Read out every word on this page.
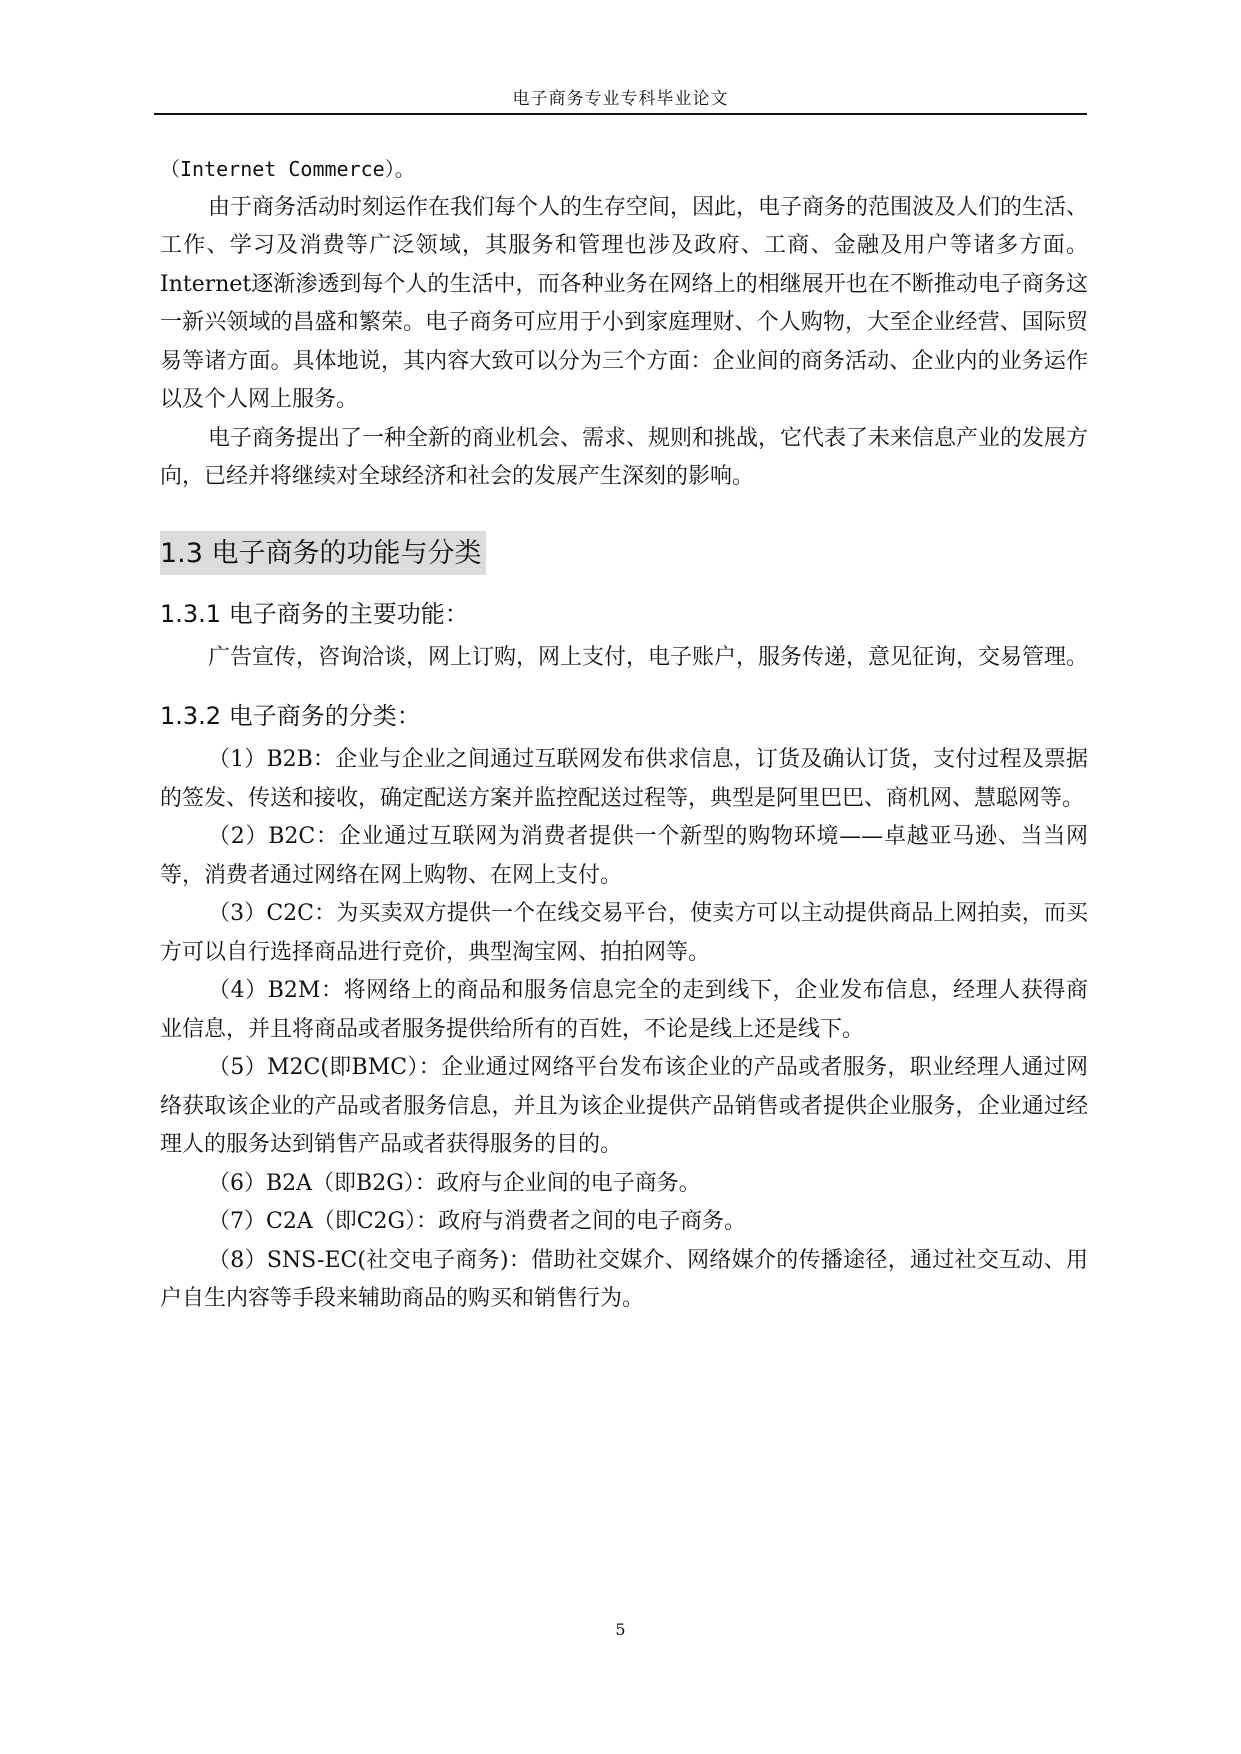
电子商务专业专科毕业论文

（Internet Commerce）。

由于商务活动时刻运作在我们每个人的生存空间，因此，电子商务的范围波及人们的生活、工作、学习及消费等广泛领域，其服务和管理也涉及政府、工商、金融及用户等诸多方面。Internet逐渐渗透到每个人的生活中，而各种业务在网络上的相继展开也在不断推动电子商务这一新兴领域的昌盛和繁荣。电子商务可应用于小到家庭理财、个人购物，大至企业经营、国际贸易等诸方面。具体地说，其内容大致可以分为三个方面：企业间的商务活动、企业内的业务运作以及个人网上服务。

电子商务提出了一种全新的商业机会、需求、规则和挑战，它代表了未来信息产业的发展方向，已经并将继续对全球经济和社会的发展产生深刻的影响。

1.3 电子商务的功能与分类
1.3.1 电子商务的主要功能：

广告宣传，咨询洽谈，网上订购，网上支付，电子账户，服务传递，意见征询，交易管理。

1.3.2 电子商务的分类：

（1）B2B：企业与企业之间通过互联网发布供求信息，订货及确认订货，支付过程及票据的签发、传送和接收，确定配送方案并监控配送过程等，典型是阿里巴巴、商机网、慧聪网等。

（2）B2C：企业通过互联网为消费者提供一个新型的购物环境——卓越亚马逊、当当网等，消费者通过网络在网上购物、在网上支付。

（3）C2C：为买卖双方提供一个在线交易平台，使卖方可以主动提供商品上网拍卖，而买方可以自行选择商品进行竞价，典型淘宝网、拍拍网等。

（4）B2M：将网络上的商品和服务信息完全的走到线下，企业发布信息，经理人获得商业信息，并且将商品或者服务提供给所有的百姓，不论是线上还是线下。

（5）M2C(即BMC）：企业通过网络平台发布该企业的产品或者服务，职业经理人通过网络获取该企业的产品或者服务信息，并且为该企业提供产品销售或者提供企业服务，企业通过经理人的服务达到销售产品或者获得服务的目的。

（6）B2A（即B2G）：政府与企业间的电子商务。

（7）C2A（即C2G）：政府与消费者之间的电子商务。

（8）SNS-EC(社交电子商务)：借助社交媒介、网络媒介的传播途径，通过社交互动、用户自生内容等手段来辅助商品的购买和销售行为。

5
